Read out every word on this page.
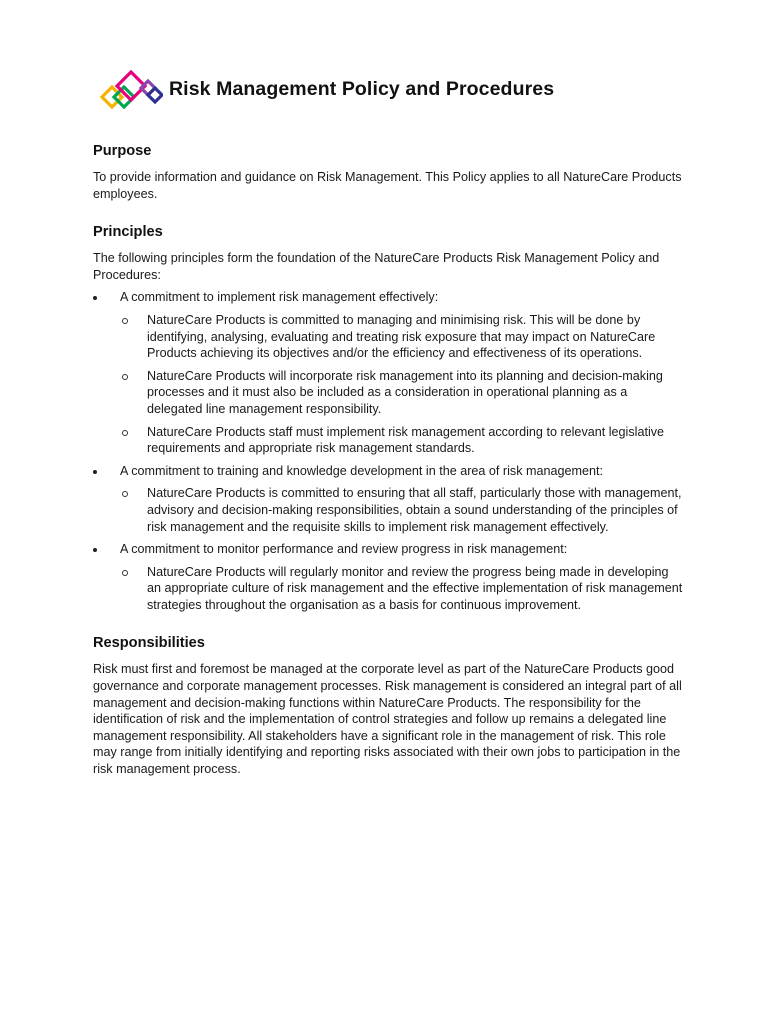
Risk Management Policy and Procedures
Purpose

To provide information and guidance on Risk Management. This Policy applies to all NatureCare Products employees.

Principles

The following principles form the foundation of the NatureCare Products Risk Management Policy and Procedures:

A commitment to implement risk management effectively:
NatureCare Products is committed to managing and minimising risk. This will be done by identifying, analysing, evaluating and treating risk exposure that may impact on NatureCare Products achieving its objectives and/or the efficiency and effectiveness of its operations.
NatureCare Products will incorporate risk management into its planning and decision-making processes and it must also be included as a consideration in operational planning as a delegated line management responsibility.
NatureCare Products staff must implement risk management according to relevant legislative requirements and appropriate risk management standards.
A commitment to training and knowledge development in the area of risk management:
NatureCare Products is committed to ensuring that all staff, particularly those with management, advisory and decision-making responsibilities, obtain a sound understanding of the principles of risk management and the requisite skills to implement risk management effectively.
A commitment to monitor performance and review progress in risk management:
NatureCare Products will regularly monitor and review the progress being made in developing an appropriate culture of risk management and the effective implementation of risk management strategies throughout the organisation as a basis for continuous improvement.
Responsibilities

Risk must first and foremost be managed at the corporate level as part of the NatureCare Products good governance and corporate management processes. Risk management is considered an integral part of all management and decision-making functions within NatureCare Products. The responsibility for the identification of risk and the implementation of control strategies and follow up remains a delegated line management responsibility. All stakeholders have a significant role in the management of risk. This role may range from initially identifying and reporting risks associated with their own jobs to participation in the risk management process.
